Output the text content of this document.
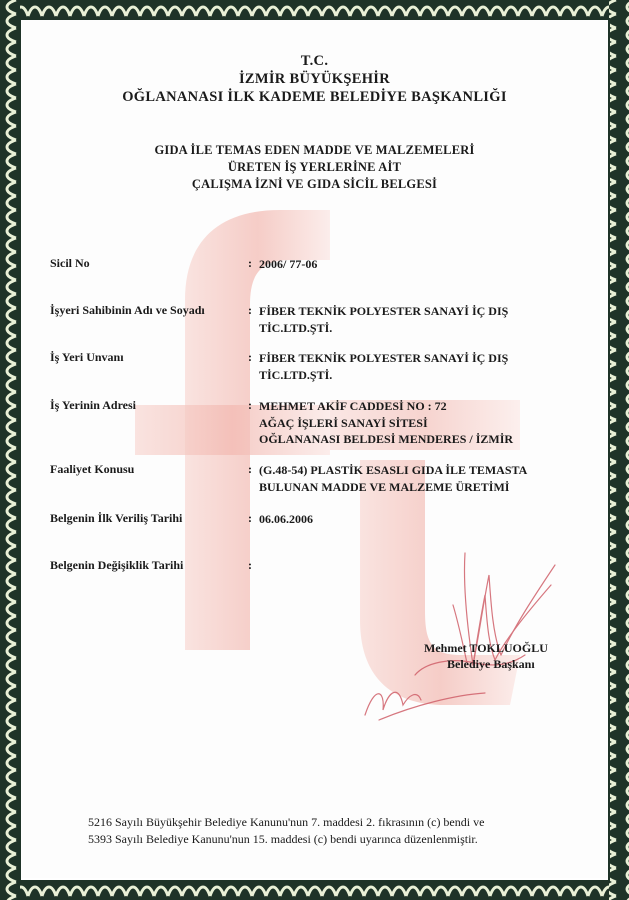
T.C.
İZMİR BÜYÜKŞEHİR
OĞLANANASI İLK KADEME BELEDİYE BAŞKANLIĞI
GIDA İLE TEMAS EDEN MADDE VE MALZEMELERİ
ÜRETEN İŞ YERLERİNE AİT
ÇALIŞMA İZNİ VE GIDA SİCİL BELGESİ
Sicil No	: 2006/ 77-06
İşyeri Sahibinin Adı ve Soyadı	: FİBER TEKNİK POLYESTER SANAYİ İÇ DIŞ
TİC.LTD.ŞTİ.
İş Yeri Unvanı	: FİBER TEKNİK POLYESTER SANAYİ İÇ DIŞ
TİC.LTD.ŞTİ.
İş Yerinin Adresi	: MEHMET AKİF CADDESİ NO : 72
AĞAÇ İŞLERİ SANAYİ SİTESİ
OĞLANANASI BELDESİ MENDERES / İZMİR
Faaliyet Konusu	: (G.48-54) PLASTİK ESASLI GIDA İLE TEMASTA
BULUNAN MADDE VE MALZEME ÜRETİMİ
Belgenin İlk Veriliş Tarihi	: 06.06.2006
Belgenin Değişiklik Tarihi	:
Mehmet TOKLUOĞLU
Belediye Başkanı
5216 Sayılı Büyükşehir Belediye Kanunu'nun 7. maddesi 2. fıkrasının (c) bendi ve
5393 Sayılı Belediye Kanunu'nun 15. maddesi (c) bendi uyarınca düzenlenmiştir.
